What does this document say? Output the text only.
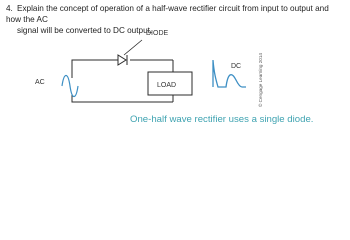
4. Explain the concept of operation of a half-wave rectifier circuit from input to output and how the AC
signal will be converted to DC output.
DIODE
LOAD
AC
DC	© Cengage Learning 2014
One-half wave rectifier uses a single diode.
